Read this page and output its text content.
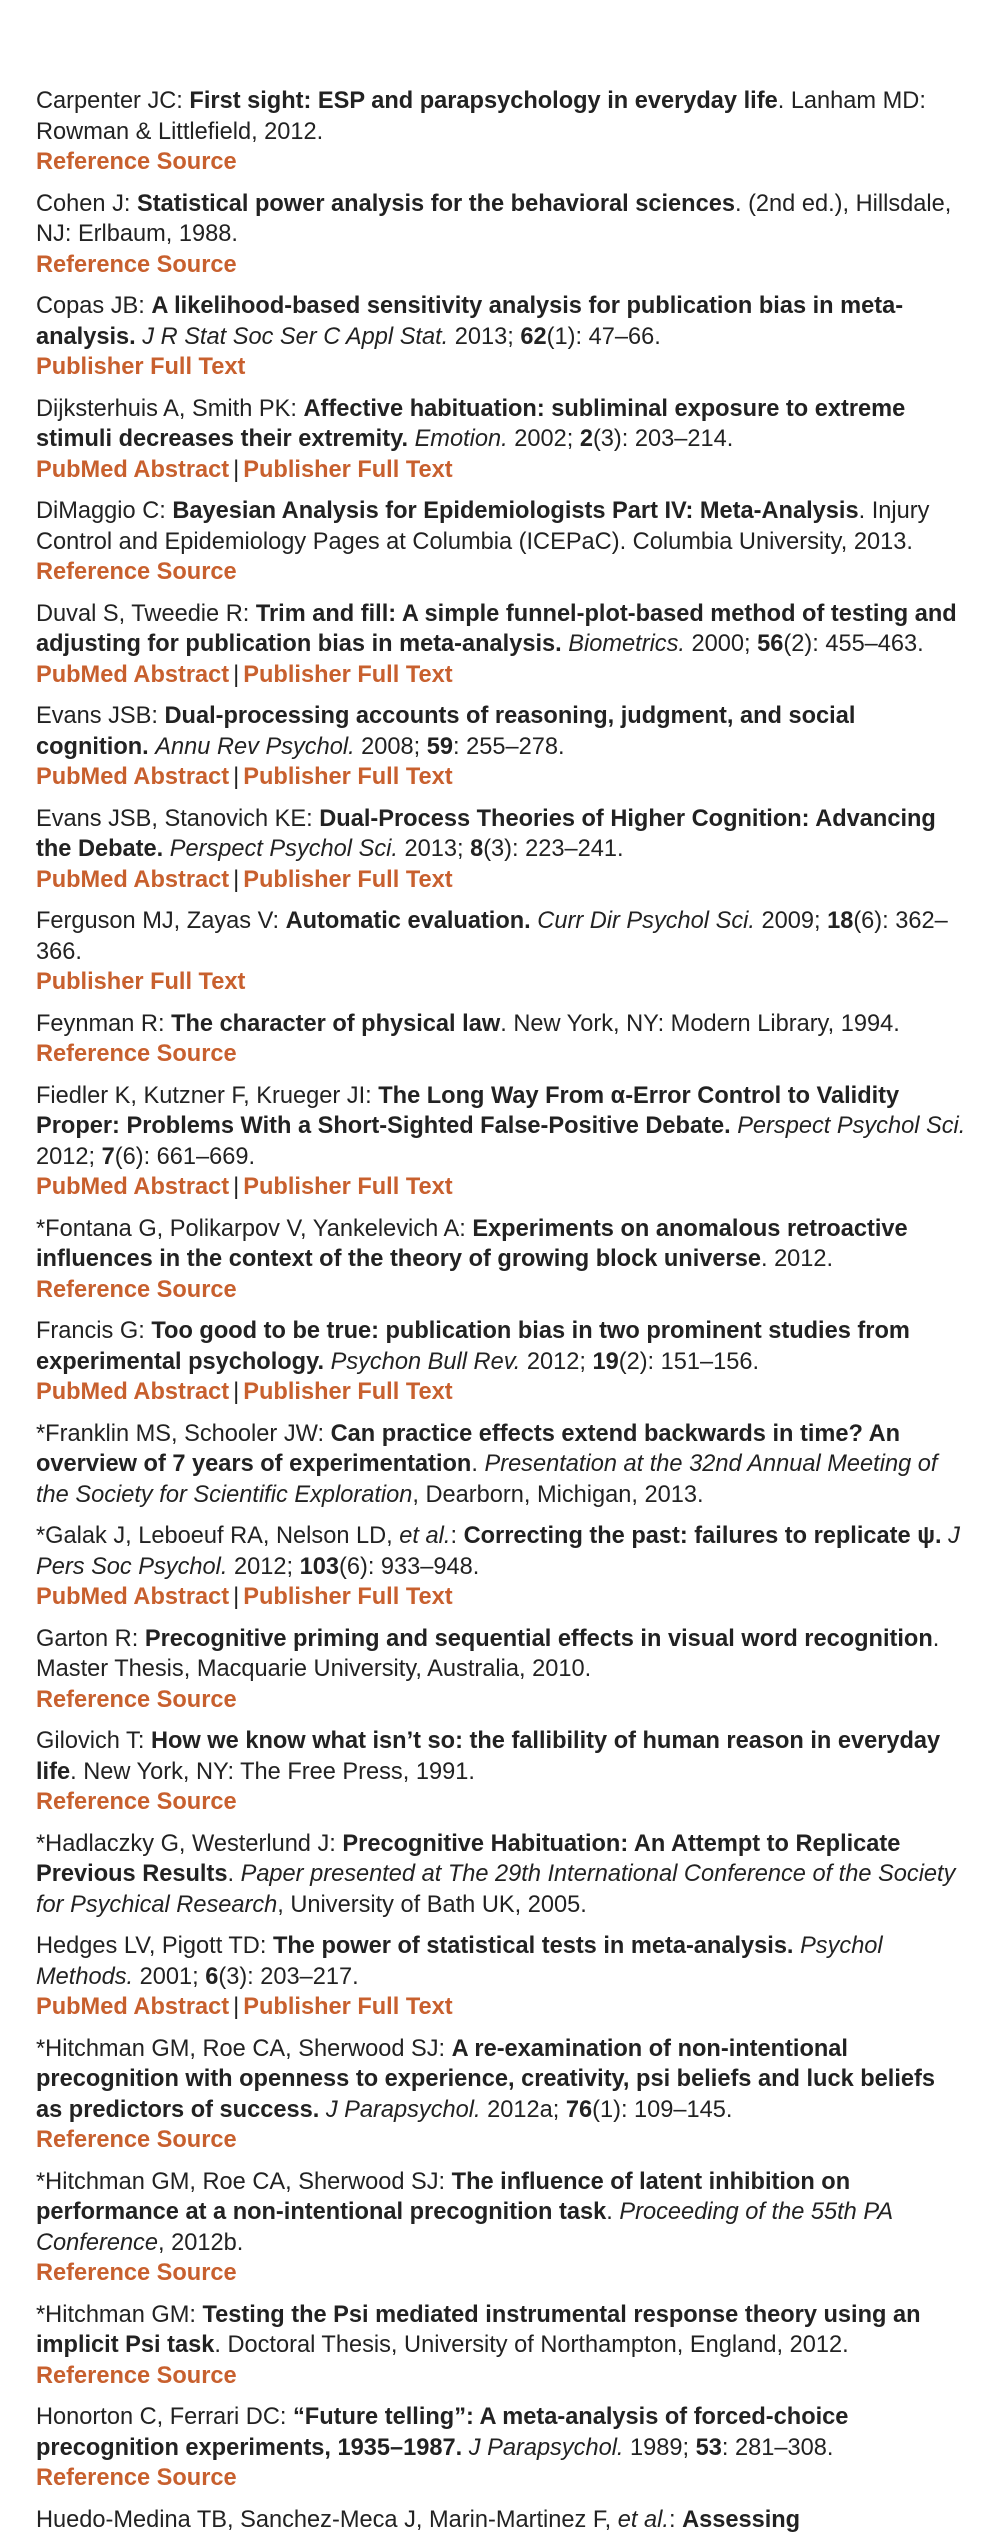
Carpenter JC: First sight: ESP and parapsychology in everyday life. Lanham MD: Rowman & Littlefield, 2012.
Reference Source

Cohen J: Statistical power analysis for the behavioral sciences. (2nd ed.), Hillsdale, NJ: Erlbaum, 1988.
Reference Source

Copas JB: A likelihood-based sensitivity analysis for publication bias in meta-analysis. J R Stat Soc Ser C Appl Stat. 2013; 62(1): 47–66.
Publisher Full Text

Dijksterhuis A, Smith PK: Affective habituation: subliminal exposure to extreme stimuli decreases their extremity. Emotion. 2002; 2(3): 203–214.
PubMed Abstract | Publisher Full Text

DiMaggio C: Bayesian Analysis for Epidemiologists Part IV: Meta-Analysis. Injury Control and Epidemiology Pages at Columbia (ICEPaC). Columbia University, 2013.
Reference Source

Duval S, Tweedie R: Trim and fill: A simple funnel-plot-based method of testing and adjusting for publication bias in meta-analysis. Biometrics. 2000; 56(2): 455–463.
PubMed Abstract | Publisher Full Text

Evans JSB: Dual-processing accounts of reasoning, judgment, and social cognition. Annu Rev Psychol. 2008; 59: 255–278.
PubMed Abstract | Publisher Full Text

Evans JSB, Stanovich KE: Dual-Process Theories of Higher Cognition: Advancing the Debate. Perspect Psychol Sci. 2013; 8(3): 223–241.
PubMed Abstract | Publisher Full Text

Ferguson MJ, Zayas V: Automatic evaluation. Curr Dir Psychol Sci. 2009; 18(6): 362–366.
Publisher Full Text

Feynman R: The character of physical law. New York, NY: Modern Library, 1994.
Reference Source

Fiedler K, Kutzner F, Krueger JI: The Long Way From α-Error Control to Validity Proper: Problems With a Short-Sighted False-Positive Debate. Perspect Psychol Sci. 2012; 7(6): 661–669.
PubMed Abstract | Publisher Full Text

*Fontana G, Polikarpov V, Yankelevich A: Experiments on anomalous retroactive influences in the context of the theory of growing block universe. 2012.
Reference Source

Francis G: Too good to be true: publication bias in two prominent studies from experimental psychology. Psychon Bull Rev. 2012; 19(2): 151–156.
PubMed Abstract | Publisher Full Text

*Franklin MS, Schooler JW: Can practice effects extend backwards in time? An overview of 7 years of experimentation. Presentation at the 32nd Annual Meeting of the Society for Scientific Exploration, Dearborn, Michigan, 2013.

*Galak J, Leboeuf RA, Nelson LD, et al.: Correcting the past: failures to replicate ψ. J Pers Soc Psychol. 2012; 103(6): 933–948.
PubMed Abstract | Publisher Full Text

Garton R: Precognitive priming and sequential effects in visual word recognition. Master Thesis, Macquarie University, Australia, 2010.
Reference Source

Gilovich T: How we know what isn’t so: the fallibility of human reason in everyday life. New York, NY: The Free Press, 1991.
Reference Source

*Hadlaczky G, Westerlund J: Precognitive Habituation: An Attempt to Replicate Previous Results. Paper presented at The 29th International Conference of the Society for Psychical Research, University of Bath UK, 2005.

Hedges LV, Pigott TD: The power of statistical tests in meta-analysis. Psychol Methods. 2001; 6(3): 203–217.
PubMed Abstract | Publisher Full Text

*Hitchman GM, Roe CA, Sherwood SJ: A re-examination of non-intentional precognition with openness to experience, creativity, psi beliefs and luck beliefs as predictors of success. J Parapsychol. 2012a; 76(1): 109–145.
Reference Source

*Hitchman GM, Roe CA, Sherwood SJ: The influence of latent inhibition on performance at a non-intentional precognition task. Proceeding of the 55th PA Conference, 2012b.
Reference Source

*Hitchman GM: Testing the Psi mediated instrumental response theory using an implicit Psi task. Doctoral Thesis, University of Northampton, England, 2012.
Reference Source

Honorton C, Ferrari DC: “Future telling”: A meta-analysis of forced-choice precognition experiments, 1935–1987. J Parapsychol. 1989; 53: 281–308.
Reference Source

Huedo-Medina TB, Sanchez-Meca J, Marin-Martinez F, et al.: Assessing
